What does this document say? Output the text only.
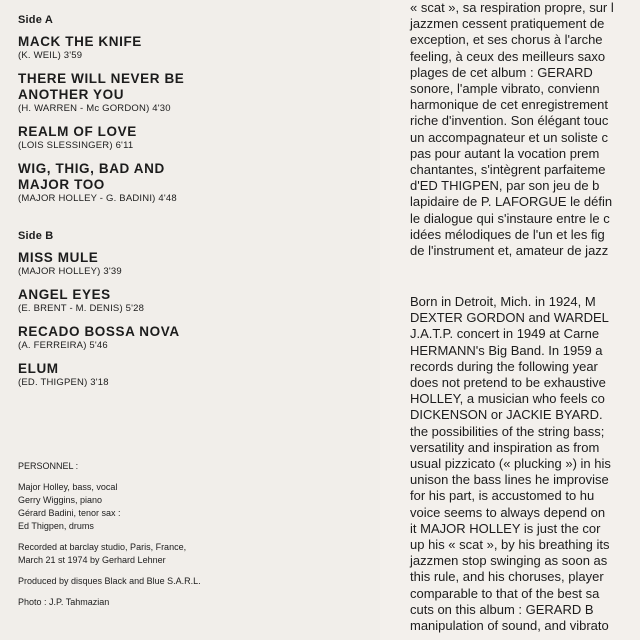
Side A
MACK THE KNIFE
(K. WEIL) 3'59
THERE WILL NEVER BE
ANOTHER YOU
(H. WARREN - Mc GORDON) 4'30
REALM OF LOVE
(LOIS SLESSINGER) 6'11
WIG, THIG, BAD AND
MAJOR TOO
(MAJOR HOLLEY - G. BADINI) 4'48
Side B
MISS MULE
(MAJOR HOLLEY) 3'39
ANGEL EYES
(E. BRENT - M. DENIS) 5'28
RECADO BOSSA NOVA
(A. FERREIRA) 5'46
ELUM
(ED. THIGPEN) 3'18
PERSONNEL :
Major Holley, bass, vocal
Gerry Wiggins, piano
Gérard Badini, tenor sax :
Ed Thigpen, drums
Recorded at barclay studio, Paris, France,
March 21 st 1974 by Gerhard Lehner
Produced by disques Black and Blue S.A.R.L.
Photo : J.P. Tahmazian
« scat », sa respiration propre, sur l
jazzmen cessent pratiquement de
exception, et ses chorus à l'arche
feeling, à ceux des meilleurs saxo
plages de cet album : GERARD
sonore, l'ample vibrato, convienn
harmonique de cet enregistrement
riche d'invention. Son élégant touc
un accompagnateur et un soliste c
pas pour autant la vocation prem
chantantes, s'intègrent parfaiteme
d'ED THIGPEN, par son jeu de b
lapidaire de P. LAFORGUE le défin
le dialogue qui s'instaure entre le c
idées mélodiques de l'un et les fig
de l'instrument et, amateur de jazz
Born in Detroit, Mich. in 1924, M
DEXTER GORDON and WARDEL
J.A.T.P. concert in 1949 at Carne
HERMANN's Big Band. In 1959 a
records during the following year
does not pretend to be exhaustive
HOLLEY, a musician who feels co
DICKENSON or JACKIE BYARD.
the possibilities of the string bass;
versatility and inspiration as from
usual pizzicato (« plucking ») in his
unison the bass lines he improvise
for his part, is accustomed to hu
voice seems to always depend on
it MAJOR HOLLEY is just the cor
up his « scat », by his breathing its
jazzmen stop swinging as soon as
this rule, and his choruses, player
comparable to that of the best sa
cuts on this album : GERARD B
manipulation of sound, and vibrato
